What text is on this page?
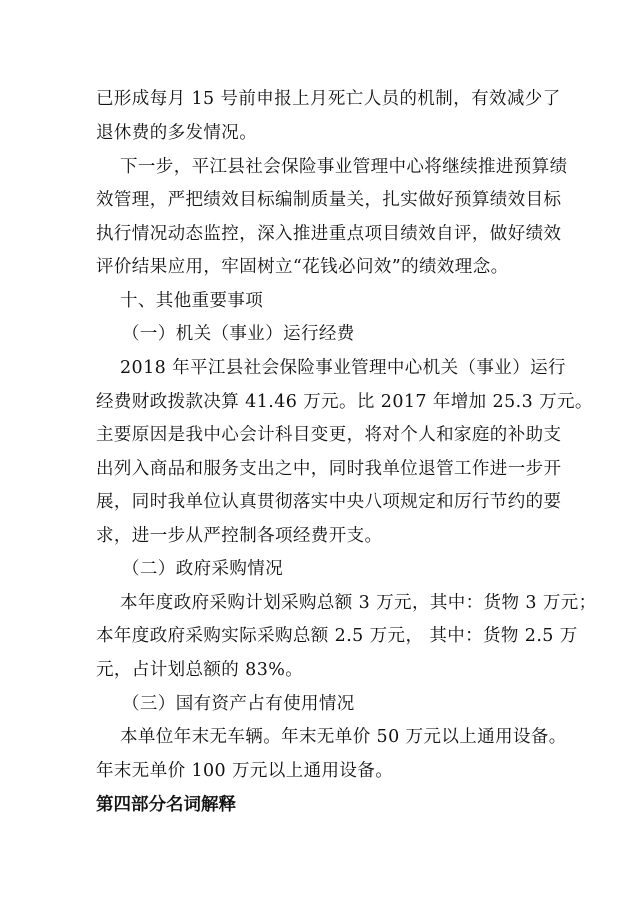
已形成每月 15 号前申报上月死亡人员的机制，有效减少了
退休费的多发情况。
下一步，平江县社会保险事业管理中心将继续推进预算绩
效管理，严把绩效目标编制质量关，扎实做好预算绩效目标
执行情况动态监控，深入推进重点项目绩效自评，做好绩效
评价结果应用，牢固树立“花钱必问效”的绩效理念。
十、其他重要事项
（一）机关（事业）运行经费
2018 年平江县社会保险事业管理中心机关（事业）运行
经费财政拨款决算 41.46 万元。比 2017 年增加 25.3 万元。
主要原因是我中心会计科目变更，将对个人和家庭的补助支
出列入商品和服务支出之中，同时我单位退管工作进一步开
展，同时我单位认真贯彻落实中央八项规定和厉行节约的要
求，进一步从严控制各项经费开支。
（二）政府采购情况
本年度政府采购计划采购总额 3 万元，其中：货物 3 万元；
本年度政府采购实际采购总额 2.5 万元， 其中：货物 2.5 万
元，占计划总额的 83%。
（三）国有资产占有使用情况
本单位年末无车辆。年末无单价 50 万元以上通用设备。
年末无单价 100 万元以上通用设备。
第四部分名词解释
